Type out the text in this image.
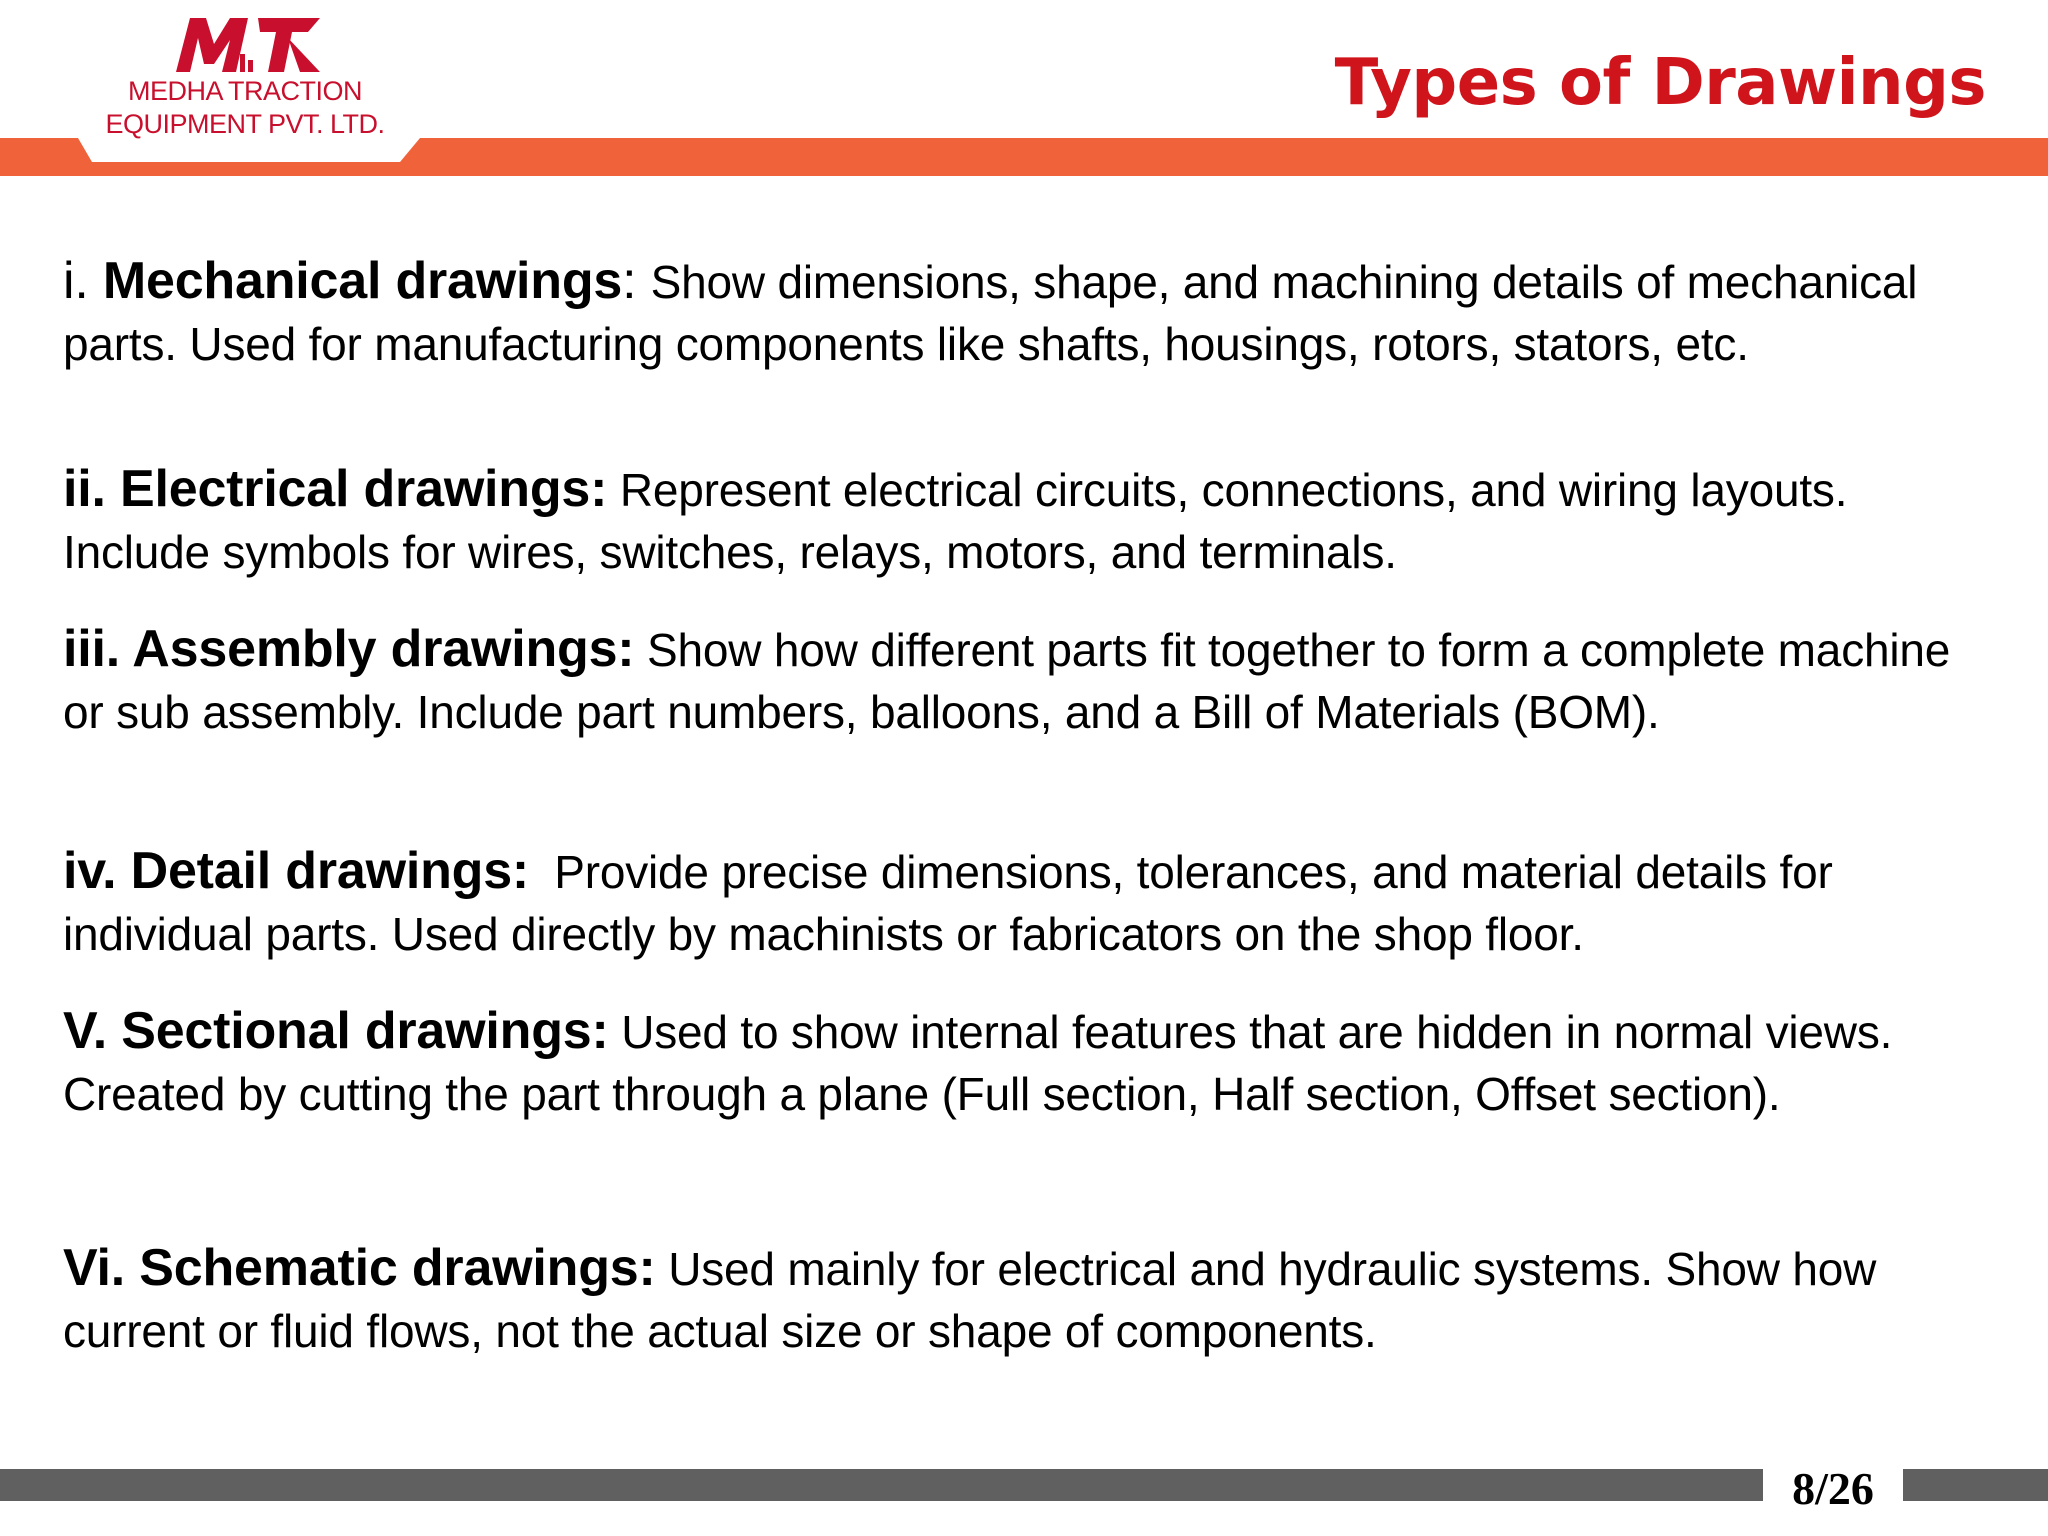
MEDHA TRACTION
EQUIPMENT PVT. LTD.
Types of Drawings
i. Mechanical drawings: Show dimensions, shape, and machining details of mechanical parts. Used for manufacturing components like shafts, housings, rotors, stators, etc.
ii. Electrical drawings: Represent electrical circuits, connections, and wiring layouts. Include symbols for wires, switches, relays, motors, and terminals.
iii. Assembly drawings: Show how different parts fit together to form a complete machine or sub assembly. Include part numbers, balloons, and a Bill of Materials (BOM).
iv. Detail drawings: Provide precise dimensions, tolerances, and material details for individual parts. Used directly by machinists or fabricators on the shop floor.
V. Sectional drawings: Used to show internal features that are hidden in normal views. Created by cutting the part through a plane (Full section, Half section, Offset section).
Vi. Schematic drawings: Used mainly for electrical and hydraulic systems. Show how current or fluid flows, not the actual size or shape of components.
8/26
